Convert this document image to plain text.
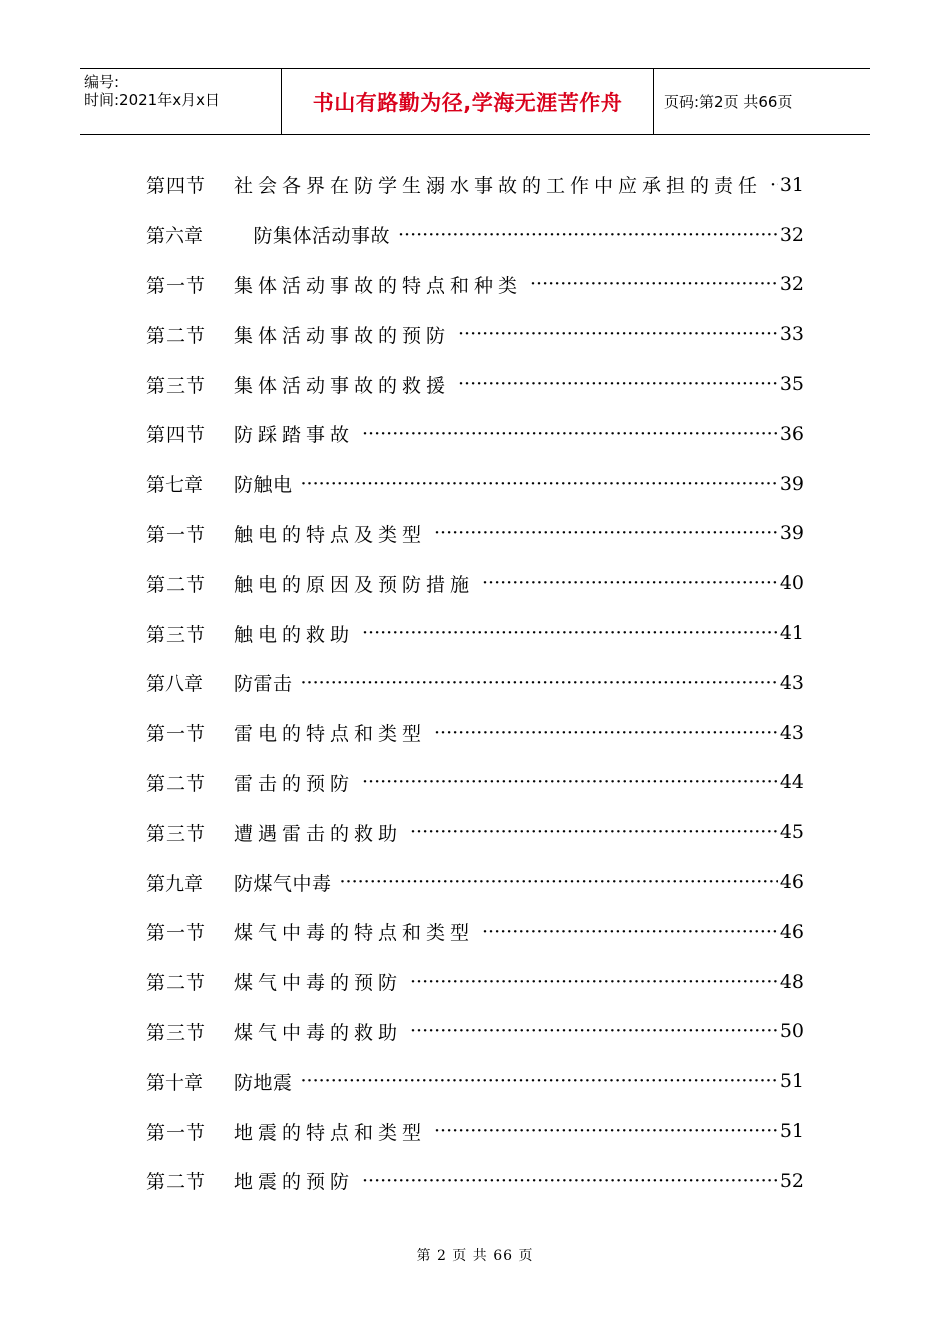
编号:
时间:2021年x月x日	书山有路勤为径,学海无涯苦作舟	页码:第2页 共66页
第四节	社会各界在防学生溺水事故的工作中应承担的责任 ····· 31
第六章	　防集体活动事故 ·····	32
第一节	集体活动事故的特点和种类 ·····	32
第二节	集体活动事故的预防 ·····	33
第三节	集体活动事故的救援 ·····	35
第四节	防踩踏事故 ·····	36
第七章	防触电 ·····	39
第一节	触电的特点及类型 ·····	39
第二节	触电的原因及预防措施 ·····	40
第三节	触电的救助 ·····	41
第八章	防雷击 ·····	43
第一节	雷电的特点和类型 ·····	43
第二节	雷击的预防 ·····	44
第三节	遭遇雷击的救助 ·····	45
第九章	防煤气中毒 ·····	46
第一节	煤气中毒的特点和类型 ·····	46
第二节	煤气中毒的预防 ·····	48
第三节	煤气中毒的救助 ·····	50
第十章	防地震 ·····	51
第一节	地震的特点和类型 ·····	51
第二节	地震的预防 ·····	52
第 2 页 共 66 页
